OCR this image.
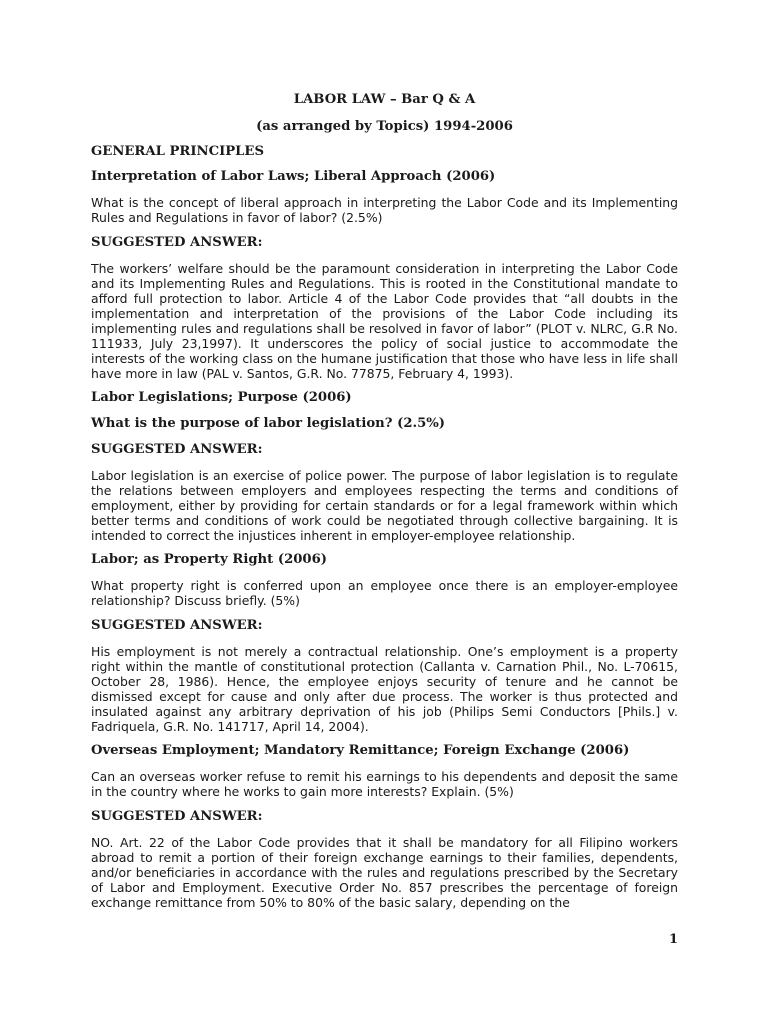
LABOR LAW – Bar Q & A

(as arranged by Topics) 1994-2006

GENERAL PRINCIPLES

Interpretation of Labor Laws; Liberal Approach (2006)

What is the concept of liberal approach in interpreting the Labor Code and its Implementing Rules and Regulations in favor of labor? (2.5%)

SUGGESTED ANSWER:

The workers’ welfare should be the paramount consideration in interpreting the Labor Code and its Implementing Rules and Regulations. This is rooted in the Constitutional mandate to afford full protection to labor. Article 4 of the Labor Code provides that “all doubts in the implementation and interpretation of the provisions of the Labor Code including its implementing rules and regulations shall be resolved in favor of labor” (PLOT v. NLRC, G.R No. 111933, July 23,1997). It underscores the policy of social justice to accommodate the interests of the working class on the humane justification that those who have less in life shall have more in law (PAL v. Santos, G.R. No. 77875, February 4, 1993).

Labor Legislations; Purpose (2006)

What is the purpose of labor legislation? (2.5%)

SUGGESTED ANSWER:

Labor legislation is an exercise of police power. The purpose of labor legislation is to regulate the relations between employers and employees respecting the terms and conditions of employment, either by providing for certain standards or for a legal framework within which better terms and conditions of work could be negotiated through collective bargaining. It is intended to correct the injustices inherent in employer-employee relationship.

Labor; as Property Right (2006)

What property right is conferred upon an employee once there is an employer-employee relationship? Discuss briefly. (5%)

SUGGESTED ANSWER:

His employment is not merely a contractual relationship. One’s employment is a property right within the mantle of constitutional protection (Callanta v. Carnation Phil., No. L-70615, October 28, 1986). Hence, the employee enjoys security of tenure and he cannot be dismissed except for cause and only after due process. The worker is thus protected and insulated against any arbitrary deprivation of his job (Philips Semi Conductors [Phils.] v. Fadriquela, G.R. No. 141717, April 14, 2004).

Overseas Employment; Mandatory Remittance; Foreign Exchange (2006)

Can an overseas worker refuse to remit his earnings to his dependents and deposit the same in the country where he works to gain more interests? Explain. (5%)

SUGGESTED ANSWER:

NO. Art. 22 of the Labor Code provides that it shall be mandatory for all Filipino workers abroad to remit a portion of their foreign exchange earnings to their families, dependents, and/or beneficiaries in accordance with the rules and regulations prescribed by the Secretary of Labor and Employment. Executive Order No. 857 prescribes the percentage of foreign exchange remittance from 50% to 80% of the basic salary, depending on the

1
